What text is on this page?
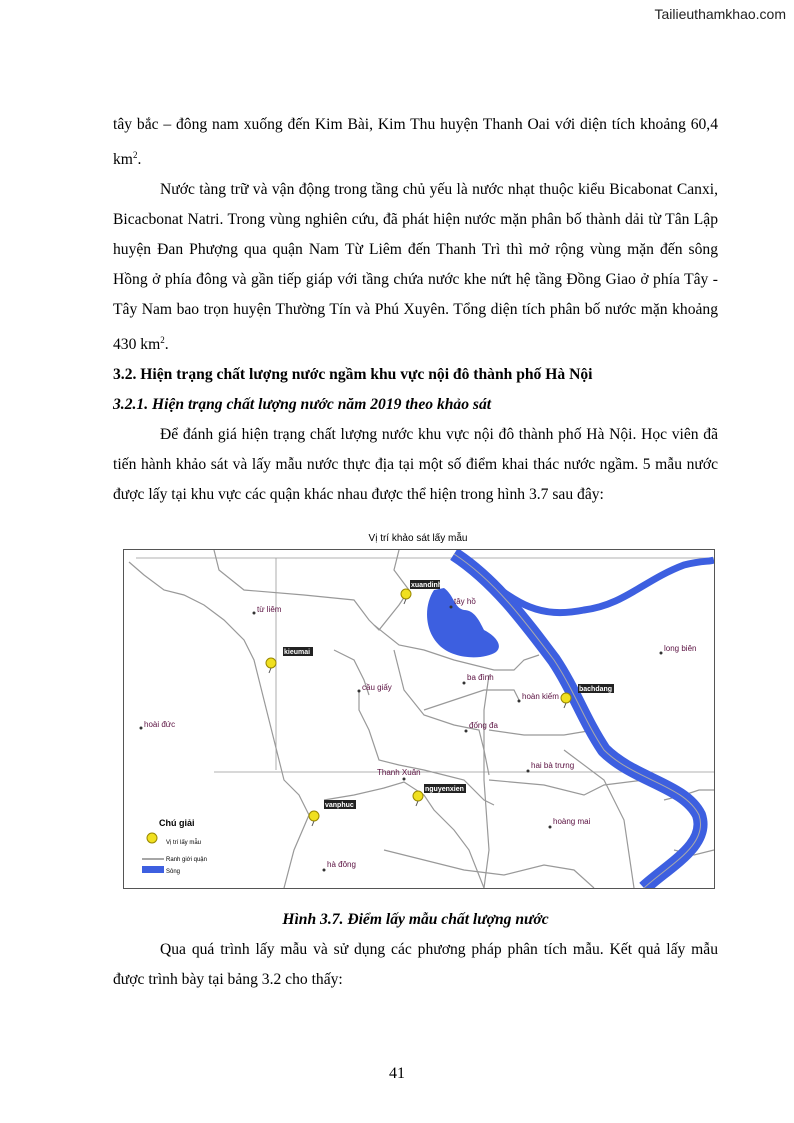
Tailieuthamkhao.com

tây bắc – đông nam xuống đến Kim Bài, Kim Thu huyện Thanh Oai với diện tích khoảng 60,4 $km^2$.

Nước tàng trữ và vận động trong tầng chủ yếu là nước nhạt thuộc kiểu Bicabonat Canxi, Bicacbonat Natri. Trong vùng nghiên cứu, đã phát hiện nước mặn phân bố thành dải từ Tân Lập huyện Đan Phượng qua quận Nam Từ Liêm đến Thanh Trì thì mở rộng vùng mặn đến sông Hồng ở phía đông và gần tiếp giáp với tầng chứa nước khe nứt hệ tầng Đồng Giao ở phía Tây - Tây Nam bao trọn huyện Thường Tín và Phú Xuyên. Tổng diện tích phân bố nước mặn khoảng 430 $km^2$.

3.2. Hiện trạng chất lượng nước ngầm khu vực nội đô thành phố Hà Nội

3.2.1. Hiện trạng chất lượng nước năm 2019 theo khảo sát

Để đánh giá hiện trạng chất lượng nước khu vực nội đô thành phố Hà Nội. Học viên đã tiến hành khảo sát và lấy mẫu nước thực địa tại một số điểm khai thác nước ngầm. 5 mẫu nước được lấy tại khu vực các quận khác nhau được thể hiện trong hình 3.7 sau đây:

Vị trí khảo sát lấy mẫu
từ liêm
cầu giấy
hoài đức
Thanh Xuân
hà đông
tây hồ
ba đình
hoàn kiếm
đống đa
hai bà trưng
hoàng mai
long biên
xuandinh
kieumai
bachdang
nguyenxien
vanphuc
Chú giải
Vị trí lấy mẫu
Ranh giới quận
Sông

Hình 3.7. Điểm lấy mẫu chất lượng nước

Qua quá trình lấy mẫu và sử dụng các phương pháp phân tích mẫu. Kết quả lấy mẫu được trình bày tại bảng 3.2 cho thấy:

41
